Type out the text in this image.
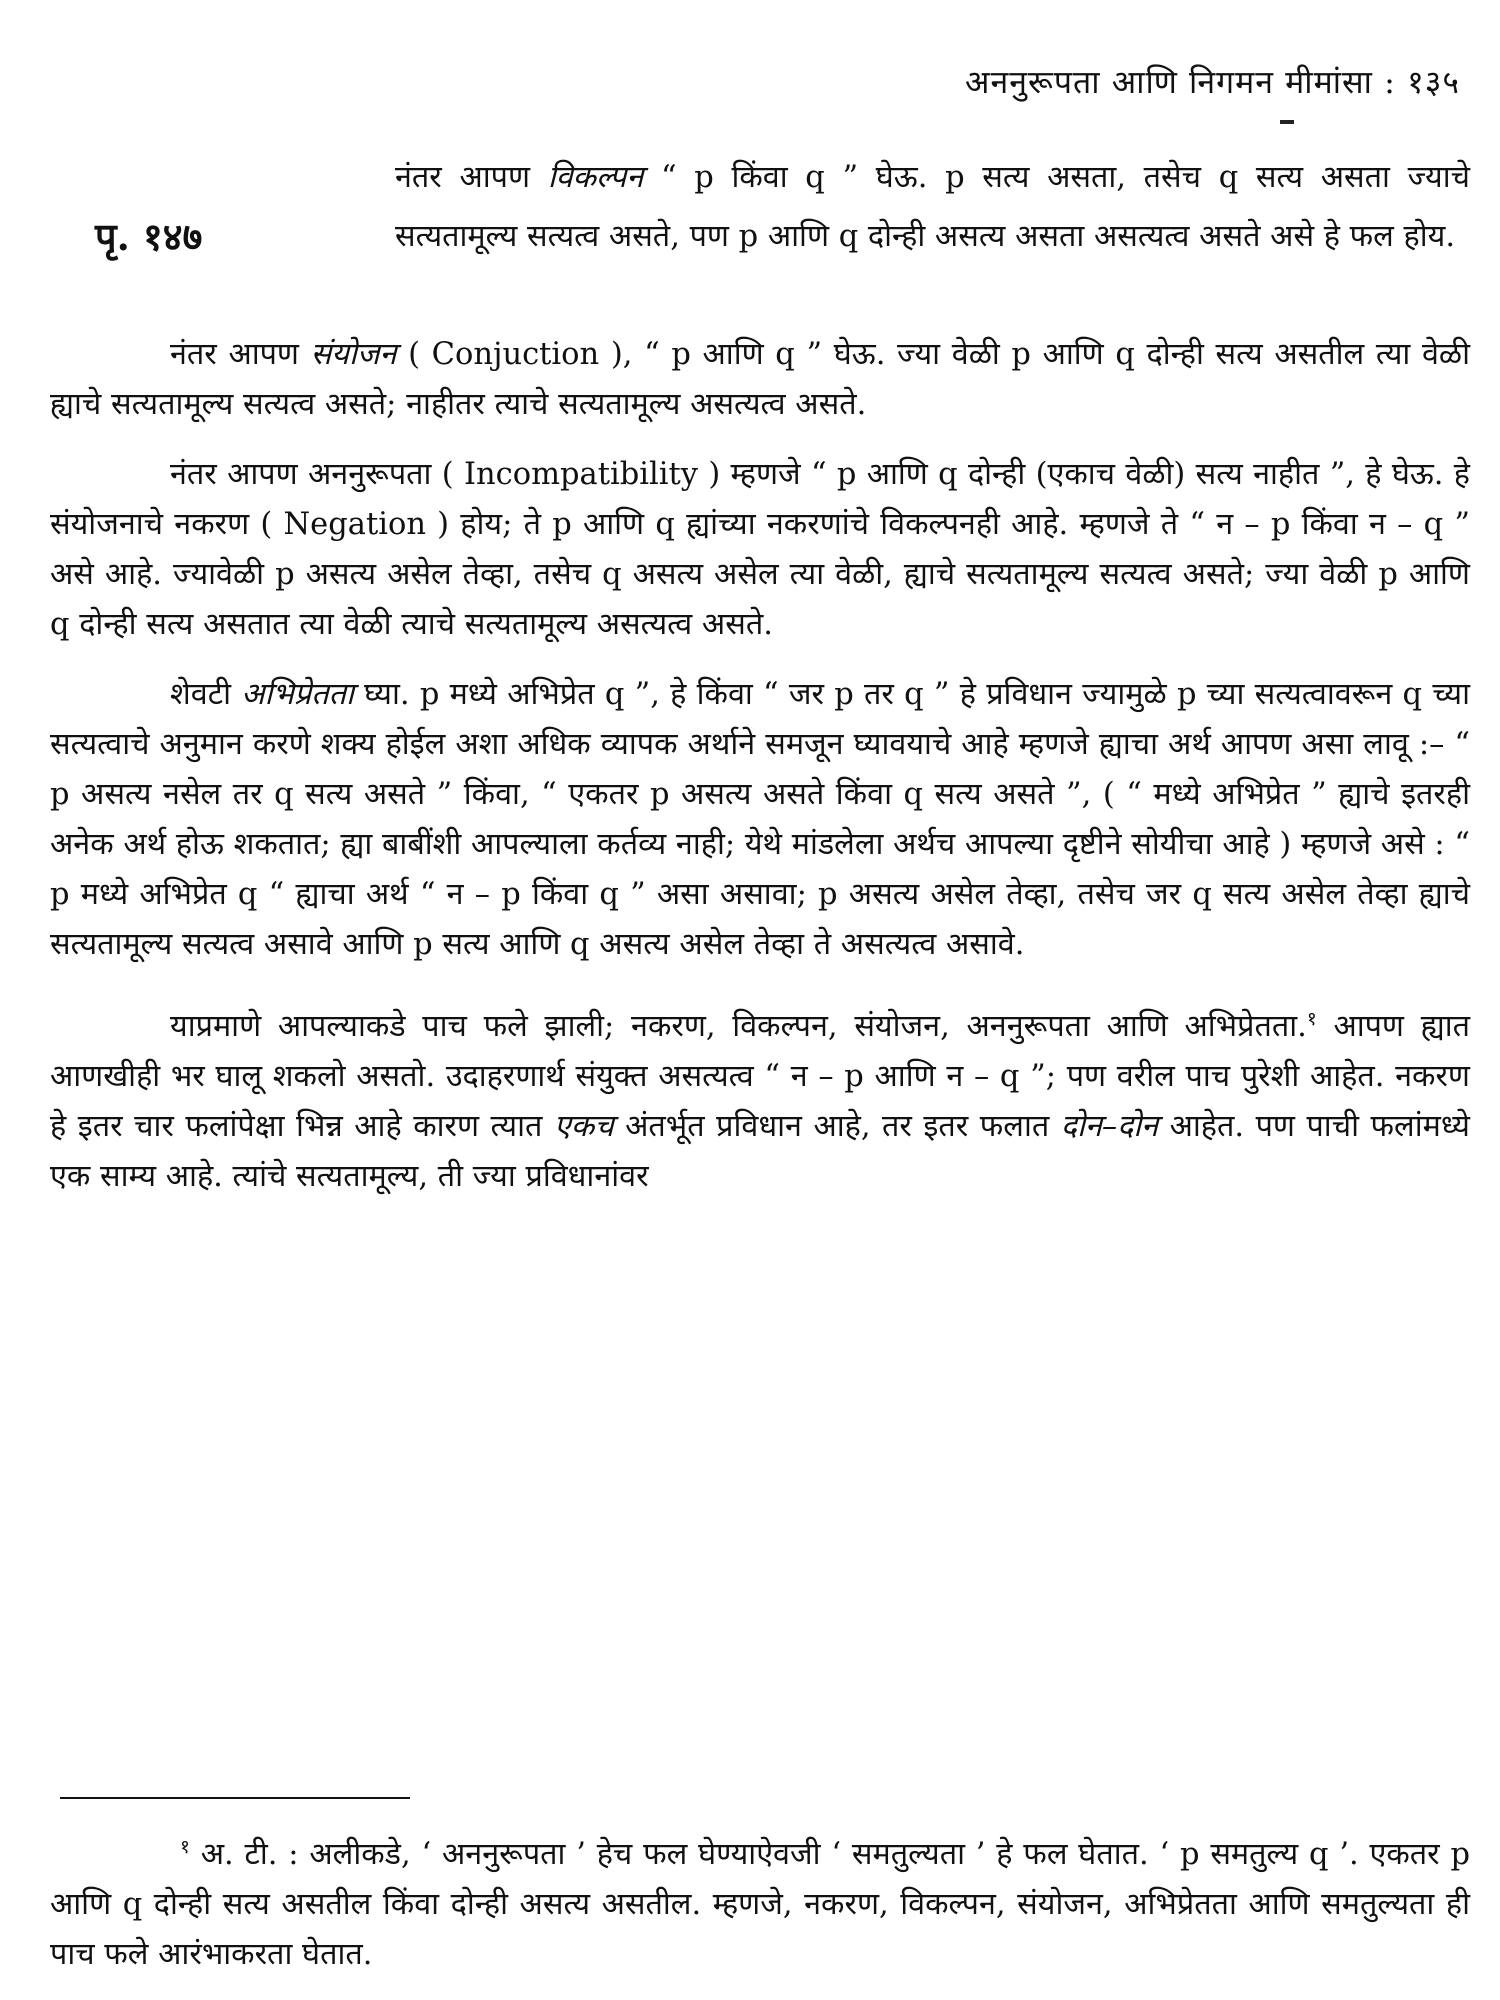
अननुरूपता आणि निगमन मीमांसा : १३५
पृ. १४७
नंतर आपण विकल्पन “ p किंवा q ” घेऊ. p सत्य असता, तसेच q सत्य असता ज्याचे सत्यतामूल्य सत्यत्व असते, पण p आणि q दोन्ही असत्य असता असत्यत्व असते असे हे फल होय.

नंतर आपण संयोजन ( Conjuction ), “ p आणि q ” घेऊ. ज्या वेळी p आणि q दोन्ही सत्य असतील त्या वेळी ह्याचे सत्यतामूल्य सत्यत्व असते; नाहीतर त्याचे सत्यतामूल्य असत्यत्व असते.

नंतर आपण अननुरूपता ( Incompatibility ) म्हणजे “ p आणि q दोन्ही (एकाच वेळी) सत्य नाहीत ”, हे घेऊ. हे संयोजनाचे नकरण ( Negation ) होय; ते p आणि q ह्यांच्या नकरणांचे विकल्पनही आहे. म्हणजे ते “ न – p किंवा न – q ” असे आहे. ज्यावेळी p असत्य असेल तेव्हा, तसेच q असत्य असेल त्या वेळी, ह्याचे सत्यतामूल्य सत्यत्व असते; ज्या वेळी p आणि q दोन्ही सत्य असतात त्या वेळी त्याचे सत्यतामूल्य असत्यत्व असते.

शेवटी अभिप्रेतता घ्या. p मध्ये अभिप्रेत q ”, हे किंवा “ जर p तर q ” हे प्रविधान ज्यामुळे p च्या सत्यत्वावरून q च्या सत्यत्वाचे अनुमान करणे शक्य होईल अशा अधिक व्यापक अर्थाने समजून घ्यावयाचे आहे म्हणजे ह्याचा अर्थ आपण असा लावू :– “ p असत्य नसेल तर q सत्य असते ” किंवा, “ एकतर p असत्य असते किंवा q सत्य असते ”, ( “ मध्ये अभिप्रेत ” ह्याचे इतरही अनेक अर्थ होऊ शकतात; ह्या बाबींशी आपल्याला कर्तव्य नाही; येथे मांडलेला अर्थच आपल्या दृष्टीने सोयीचा आहे ) म्हणजे असे : “ p मध्ये अभिप्रेत q “ ह्याचा अर्थ “ न – p किंवा q ” असा असावा; p असत्य असेल तेव्हा, तसेच जर q सत्य असेल तेव्हा ह्याचे सत्यतामूल्य सत्यत्व असावे आणि p सत्य आणि q असत्य असेल तेव्हा ते असत्यत्व असावे.

याप्रमाणे आपल्याकडे पाच फले झाली; नकरण, विकल्पन, संयोजन, अननुरूपता आणि अभिप्रेतता.$^१$ आपण ह्यात आणखीही भर घालू शकलो असतो. उदाहरणार्थ संयुक्त असत्यत्व “ न – p आणि न – q ”; पण वरील पाच पुरेशी आहेत. नकरण हे इतर चार फलांपेक्षा भिन्न आहे कारण त्यात एकच अंतर्भूत प्रविधान आहे, तर इतर फलात दोन–दोन आहेत. पण पाची फलांमध्ये एक साम्य आहे. त्यांचे सत्यतामूल्य, ती ज्या प्रविधानांवर

$^१$ अ. टी. : अलीकडे, ‘ अननुरूपता ’ हेच फल घेण्याऐवजी ‘ समतुल्यता ’ हे फल घेतात. ‘ p समतुल्य q ’. एकतर p आणि q दोन्ही सत्य असतील किंवा दोन्ही असत्य असतील. म्हणजे, नकरण, विकल्पन, संयोजन, अभिप्रेतता आणि समतुल्यता ही पाच फले आरंभाकरता घेतात.
